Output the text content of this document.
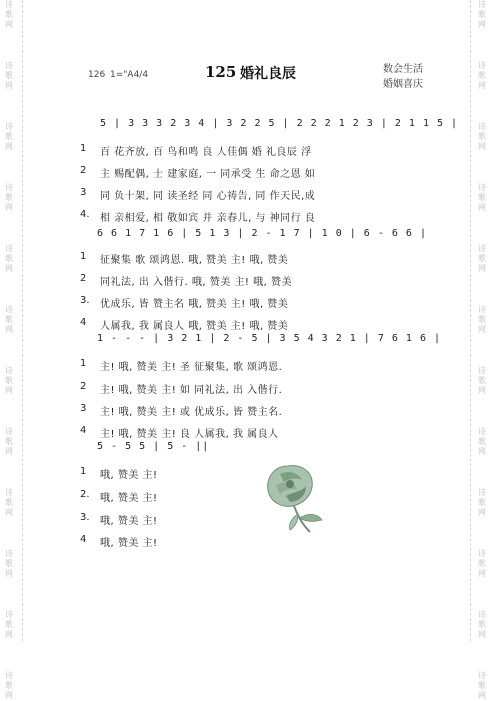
诗
歌
网
诗
歌
网
诗
歌
网
诗
歌
网
诗
歌
网
诗
歌
网
诗
歌
网
诗
歌
网
诗
歌
网
诗
歌
网
诗
歌
网
诗
歌
网
诗
歌
网
诗
歌
网
诗
歌
网
诗
歌
网
诗
歌
网
诗
歌
网
诗
歌
网
诗
歌
网
诗
歌
网
诗
歌
网
诗
歌
网
诗
歌
网
126 1="A4/4	125 婚礼良辰	数会生活
婚姻喜庆
5 | 3 3 3 2 3 4 | 3 2 2 5 | 2 2 2 1 2 3 | 2 1 1 5 |
1 百 花齐放, 百 鸟和鸣 良 人佳偶 婚 礼良辰 浮
2 主 赐配偶, 士 建家庭, 一 同承受 生 命之恩 如
3 同 负十架, 同 读圣经 同 心祷告, 同 作天民,成
4. 相 亲相爱, 相 敬如宾 并 亲春儿, 与 神同行 良
6 6 1 7 1 6 | 5 1 3 | 2 - 1 7 | 1 0 | 6 - 6 6 |
1 征聚集 歌 颂鸿恩. 哦, 赞美 主! 哦, 赞美
2 同礼法, 出 入偕行. 哦, 赞美 主! 哦, 赞美
3. 优成乐, 皆 赞主名 哦, 赞美 主! 哦, 赞美
4 人属我, 我 属良人 哦, 赞美 主! 哦, 赞美
1 - - - | 3 2 1 | 2 - 5 | 3 5 4 3 2 1 | 7 6 1 6 |
1 主! 哦, 赞美 主! 圣 征聚集, 歌 颂鸿恩.
2 主! 哦, 赞美 主! 如 同礼法, 出 入偕行.
3 主! 哦, 赞美 主! 或 优成乐, 皆 赞主名.
4 主! 哦, 赞美 主! 良 人属我, 我 属良人
5 - 5 5 | 5 - ||
1 哦, 赞美 主!
2. 哦, 赞美 主!
3. 哦, 赞美 主!
4 哦, 赞美 主!
